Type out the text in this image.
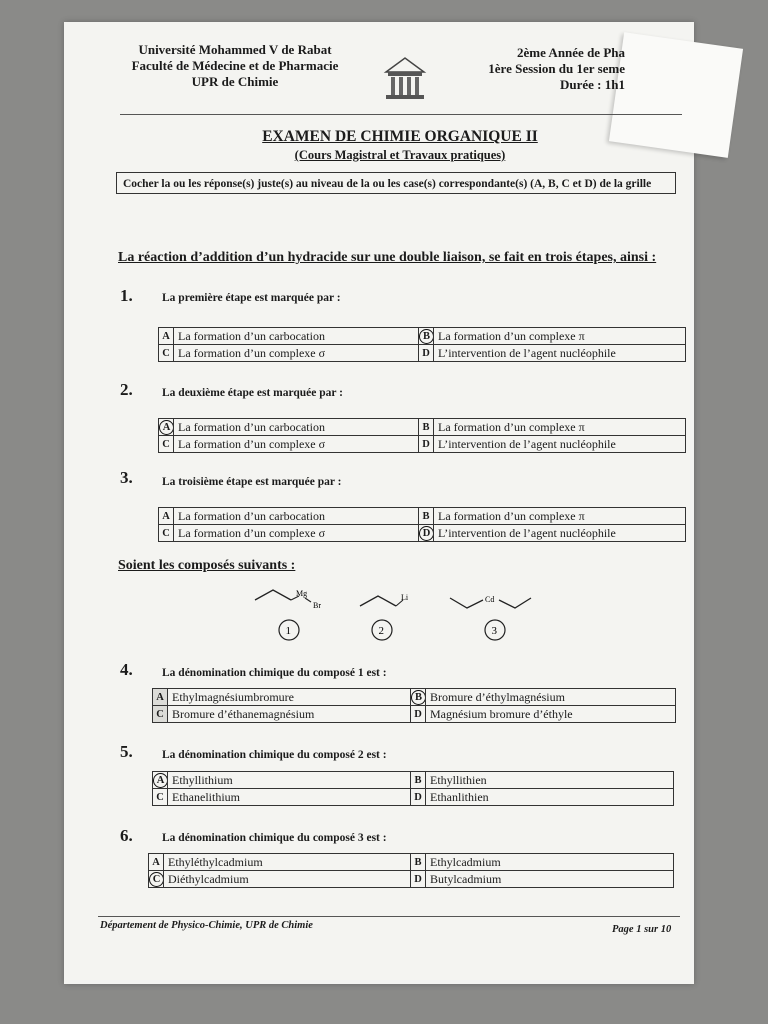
Université Mohammed V de Rabat
Faculté de Médecine et de Pharmacie
UPR de Chimie
2ème Année de Pha
1ère Session du 1er seme
Durée : 1h1
EXAMEN DE CHIMIE ORGANIQUE II
(Cours Magistral et Travaux pratiques)
Cocher la ou les réponse(s) juste(s) au niveau de la ou les case(s) correspondante(s) (A, B, C et D) de la grille
La réaction d’addition d’un hydracide sur une double liaison, se fait en trois étapes, ainsi :
1.	La première étape est marquée par :
A	La formation d’un carbocation	B	La formation d’un complexe π
C	La formation d’un complexe σ	D	L’intervention de l’agent nucléophile
2.	La deuxième étape est marquée par :
A	La formation d’un carbocation	B	La formation d’un complexe π
C	La formation d’un complexe σ	D	L’intervention de l’agent nucléophile
3.	La troisième étape est marquée par :
A	La formation d’un carbocation	B	La formation d’un complexe π
C	La formation d’un complexe σ	D	L’intervention de l’agent nucléophile
Soient les composés suivants :
Mg
Br
1
Li
2
Cd
3
4.	La dénomination chimique du composé 1 est :
A	Ethylmagnésiumbromure	B	Bromure d’éthylmagnésium
C	Bromure d’éthanemagnésium	D	Magnésium bromure d’éthyle
5.	La dénomination chimique du composé 2 est :
A	Ethyllithium	B	Ethyllithien
C	Ethanelithium	D	Ethanlithien
6.	La dénomination chimique du composé 3 est :
A	Ethyléthylcadmium	B	Ethylcadmium
C	Diéthylcadmium	D	Butylcadmium
Département de Physico-Chimie, UPR de Chimie	Page 1 sur 10
